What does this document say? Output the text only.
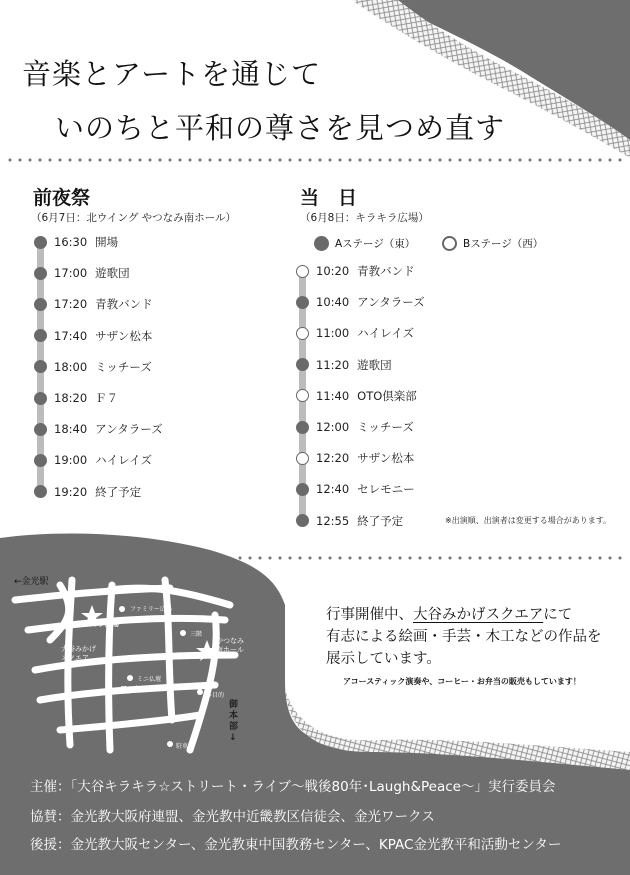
音楽とアートを通じて
いのちと平和の尊さを見つめ直す
前夜祭
（6月7日：北ウイング やつなみ南ホール）
16:30 開場
17:00 遊歌団
17:20 青教バンド
17:40 サザン松本
18:00 ミッチーズ
18:20 Ｆ７
18:40 アンタラーズ
19:00 ハイレイズ
19:20 終了予定
当　日
（6月8日：キラキラ広場）
Aステージ（東）	Bステージ（西）
10:20 青教バンド
10:40 アンタラーズ
11:00 ハイレイズ
11:20 遊歌団
11:40 OTO倶楽部
12:00 ミッチーズ
12:20 サザン松本
12:40 セレモニー
12:55 終了予定	※出演順、出演者は変更する場合があります。
←金光駅
キラキラ広場
大谷みかげ
スクエア
やつなみ
南ホール
アーケード
ファミリー広場
三階
ミニ仏壇
多目的
駐車場
御本部↓
行事開催中、大谷みかげスクエアにて
有志による絵画・手芸・木工などの作品を
展示しています。
アコースティック演奏や、コーヒー・お弁当の販売もしています！
主催：「大谷キラキラ☆ストリート・ライブ～戦後80年･Laugh&Peace～」実行委員会
協賛：金光教大阪府連盟、金光教中近畿教区信徒会、金光ワークス
後援：金光教大阪センター、金光教東中国教務センター、KPAC金光教平和活動センター
